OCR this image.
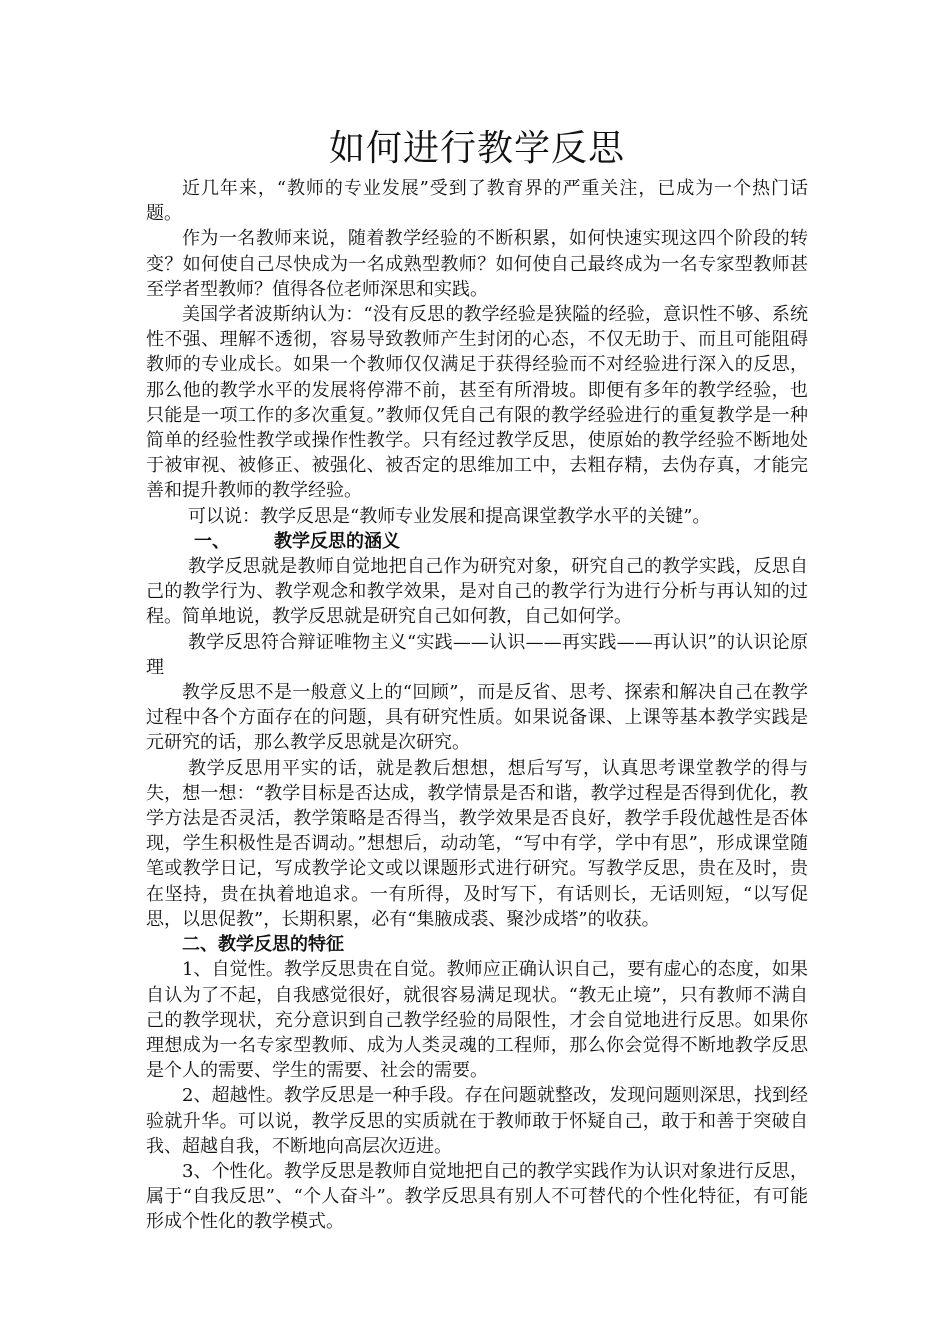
如何进行教学反思

近几年来，“教师的专业发展”受到了教育界的严重关注，已成为一个热门话题。

作为一名教师来说，随着教学经验的不断积累，如何快速实现这四个阶段的转变？如何使自己尽快成为一名成熟型教师？如何使自己最终成为一名专家型教师甚至学者型教师？值得各位老师深思和实践。

美国学者波斯纳认为：“没有反思的教学经验是狭隘的经验，意识性不够、系统性不强、理解不透彻，容易导致教师产生封闭的心态，不仅无助于、而且可能阻碍教师的专业成长。如果一个教师仅仅满足于获得经验而不对经验进行深入的反思，那么他的教学水平的发展将停滞不前，甚至有所滑坡。即便有多年的教学经验，也只能是一项工作的多次重复。”教师仅凭自己有限的教学经验进行的重复教学是一种简单的经验性教学或操作性教学。只有经过教学反思，使原始的教学经验不断地处于被审视、被修正、被强化、被否定的思维加工中，去粗存精，去伪存真，才能完善和提升教师的教学经验。

可以说：教学反思是“教师专业发展和提高课堂教学水平的关键”。

一、 教学反思的涵义

教学反思就是教师自觉地把自己作为研究对象，研究自己的教学实践，反思自己的教学行为、教学观念和教学效果，是对自己的教学行为进行分析与再认知的过程。简单地说，教学反思就是研究自己如何教，自己如何学。

教学反思符合辩证唯物主义“实践——认识——再实践——再认识”的认识论原理

教学反思不是一般意义上的“回顾”，而是反省、思考、探索和解决自己在教学过程中各个方面存在的问题，具有研究性质。如果说备课、上课等基本教学实践是元研究的话，那么教学反思就是次研究。

教学反思用平实的话，就是教后想想，想后写写，认真思考课堂教学的得与失，想一想：“教学目标是否达成，教学情景是否和谐，教学过程是否得到优化，教学方法是否灵活，教学策略是否得当，教学效果是否良好，教学手段优越性是否体现，学生积极性是否调动。”想想后，动动笔，“写中有学，学中有思”，形成课堂随笔或教学日记，写成教学论文或以课题形式进行研究。写教学反思，贵在及时，贵在坚持，贵在执着地追求。一有所得，及时写下，有话则长，无话则短，“以写促思，以思促教”，长期积累，必有“集腋成裘、聚沙成塔”的收获。

二、教学反思的特征

1、自觉性。教学反思贵在自觉。教师应正确认识自己，要有虚心的态度，如果自认为了不起，自我感觉很好，就很容易满足现状。“教无止境”，只有教师不满自己的教学现状，充分意识到自己教学经验的局限性，才会自觉地进行反思。如果你理想成为一名专家型教师、成为人类灵魂的工程师，那么你会觉得不断地教学反思是个人的需要、学生的需要、社会的需要。

2、超越性。教学反思是一种手段。存在问题就整改，发现问题则深思，找到经验就升华。可以说，教学反思的实质就在于教师敢于怀疑自己，敢于和善于突破自我、超越自我，不断地向高层次迈进。

3、个性化。教学反思是教师自觉地把自己的教学实践作为认识对象进行反思，属于“自我反思”、“个人奋斗”。教学反思具有别人不可替代的个性化特征，有可能形成个性化的教学模式。
